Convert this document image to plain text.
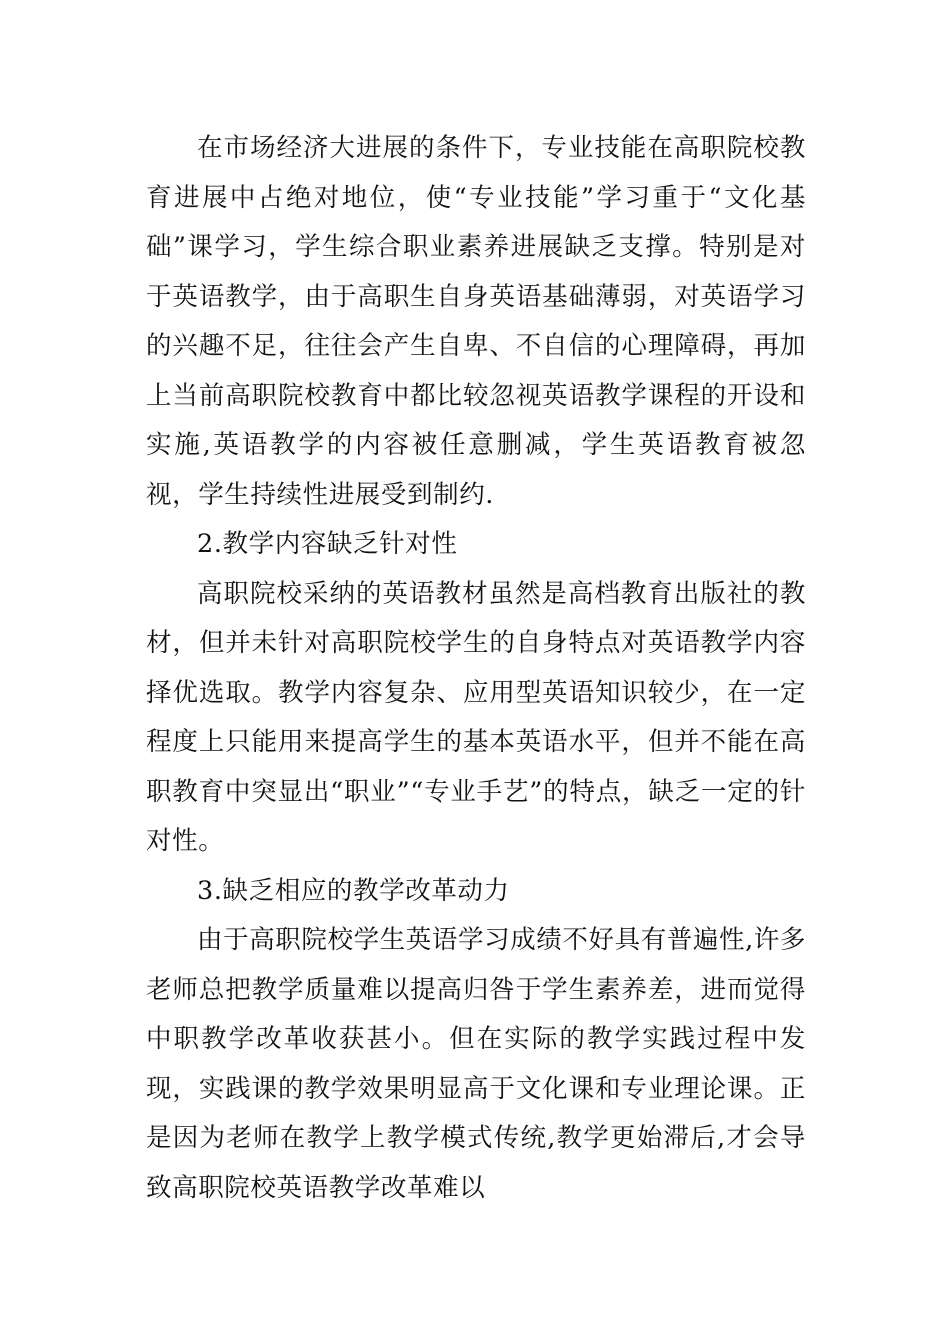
在市场经济大进展的条件下，专业技能在高职院校教育进展中占绝对地位，使“专业技能”学习重于“文化基础”课学习，学生综合职业素养进展缺乏支撑。特别是对于英语教学，由于高职生自身英语基础薄弱，对英语学习的兴趣不足，往往会产生自卑、不自信的心理障碍，再加上当前高职院校教育中都比较忽视英语教学课程的开设和实施,英语教学的内容被任意删减，学生英语教育被忽视，学生持续性进展受到制约.

2.教学内容缺乏针对性

高职院校采纳的英语教材虽然是高档教育出版社的教材，但并未针对高职院校学生的自身特点对英语教学内容择优选取。教学内容复杂、应用型英语知识较少，在一定程度上只能用来提高学生的基本英语水平，但并不能在高职教育中突显出“职业”“专业手艺”的特点，缺乏一定的针对性。

3.缺乏相应的教学改革动力

由于高职院校学生英语学习成绩不好具有普遍性,许多老师总把教学质量难以提高归咎于学生素养差，进而觉得中职教学改革收获甚小。但在实际的教学实践过程中发现，实践课的教学效果明显高于文化课和专业理论课。正是因为老师在教学上教学模式传统,教学更始滞后,才会导致高职院校英语教学改革难以
